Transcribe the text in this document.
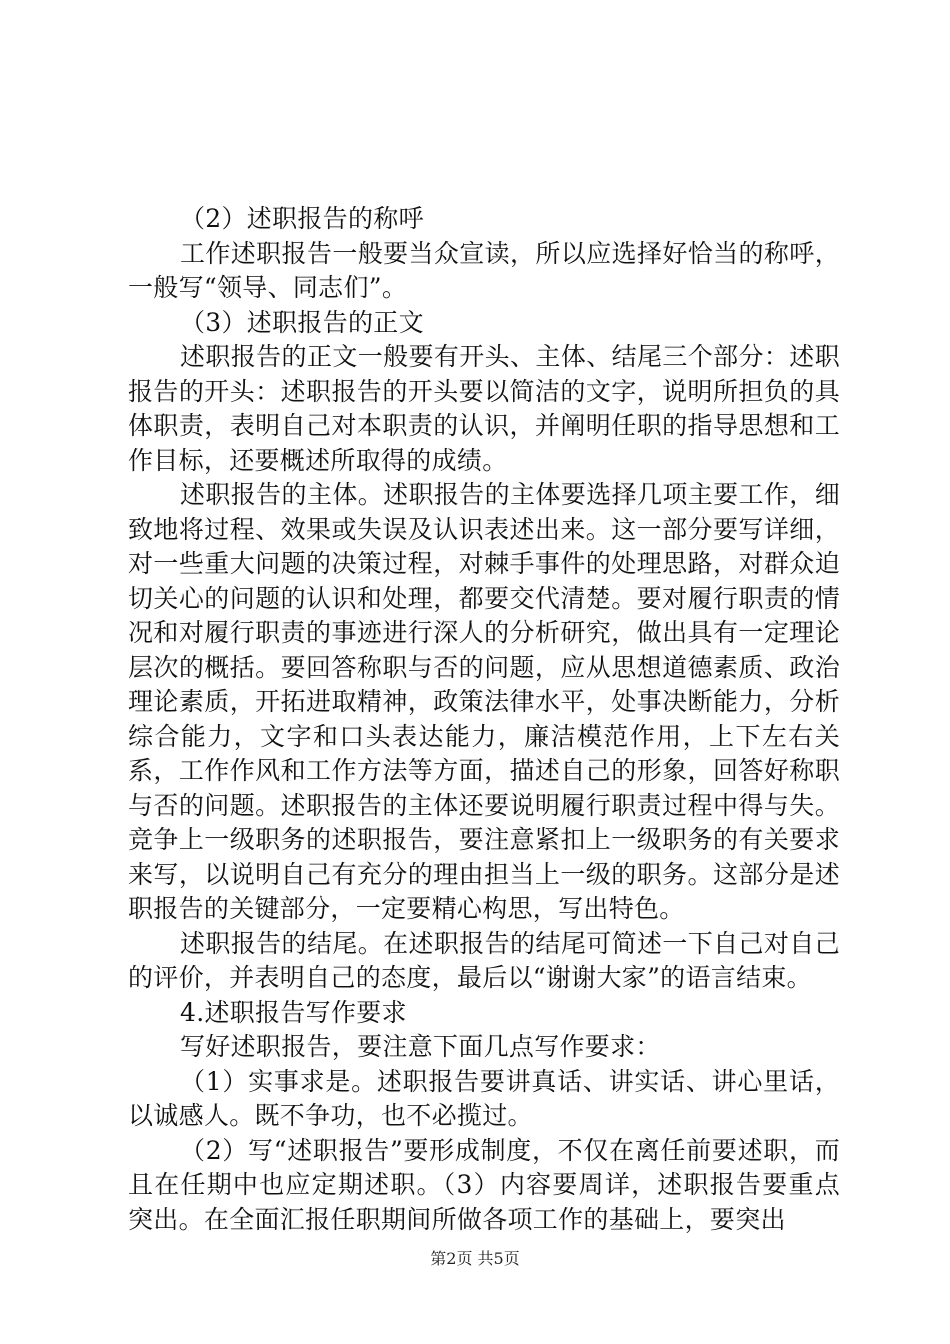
（2）述职报告的称呼

工作述职报告一般要当众宣读，所以应选择好恰当的称呼，一般写“领导、同志们”。

（3）述职报告的正文

述职报告的正文一般要有开头、主体、结尾三个部分：述职报告的开头：述职报告的开头要以简洁的文字，说明所担负的具体职责，表明自己对本职责的认识，并阐明任职的指导思想和工作目标，还要概述所取得的成绩。

述职报告的主体。述职报告的主体要选择几项主要工作，细致地将过程、效果或失误及认识表述出来。这一部分要写详细，对一些重大问题的决策过程，对棘手事件的处理思路，对群众迫切关心的问题的认识和处理，都要交代清楚。要对履行职责的情况和对履行职责的事迹进行深人的分析研究，做出具有一定理论层次的概括。要回答称职与否的问题，应从思想道德素质、政治理论素质，开拓进取精神，政策法律水平，处事决断能力，分析综合能力，文字和口头表达能力，廉洁模范作用，上下左右关系，工作作风和工作方法等方面，描述自己的形象，回答好称职与否的问题。述职报告的主体还要说明履行职责过程中得与失。竞争上一级职务的述职报告，要注意紧扣上一级职务的有关要求来写，以说明自己有充分的理由担当上一级的职务。这部分是述职报告的关键部分，一定要精心构思，写出特色。

述职报告的结尾。在述职报告的结尾可简述一下自己对自己的评价，并表明自己的态度，最后以“谢谢大家”的语言结束。

4.述职报告写作要求

写好述职报告，要注意下面几点写作要求：

（1）实事求是。述职报告要讲真话、讲实话、讲心里话，以诚感人。既不争功，也不必揽过。

（2）写“述职报告”要形成制度，不仅在离任前要述职，而且在任期中也应定期述职。（3）内容要周详，述职报告要重点突出。在全面汇报任职期间所做各项工作的基础上，要突出

第2页 共5页
